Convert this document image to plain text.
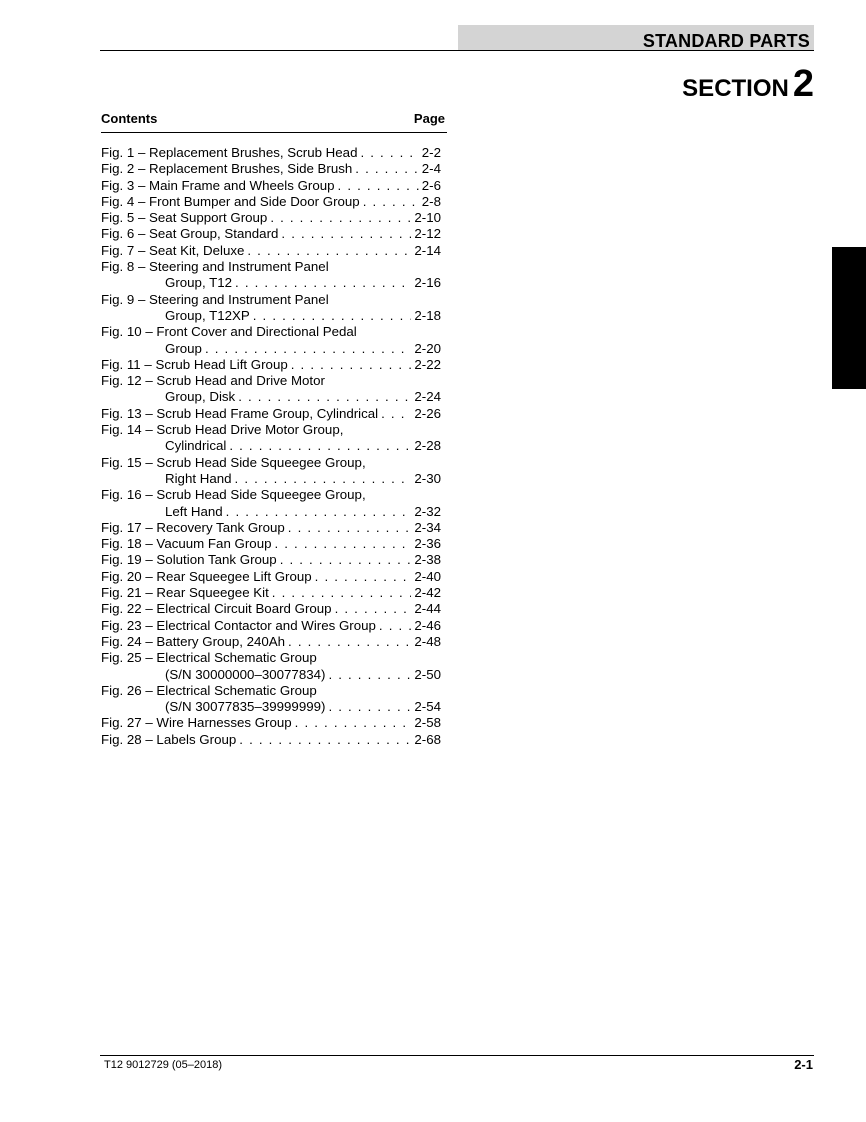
STANDARD PARTS
SECTION 2
Contents	Page
Fig. 1 – Replacement Brushes, Scrub Head . . .	2-2
Fig. 2 – Replacement Brushes, Side Brush . . .	2-4
Fig. 3 – Main Frame and Wheels Group . . .	2-6
Fig. 4 – Front Bumper and Side Door Group . . .	2-8
Fig. 5 – Seat Support Group . . .	2-10
Fig. 6 – Seat Group, Standard . . .	2-12
Fig. 7 – Seat Kit, Deluxe . . .	2-14
Fig. 8 – Steering and Instrument Panel
Group, T12 . . .	2-16
Fig. 9 – Steering and Instrument Panel
Group, T12XP . . .	2-18
Fig. 10 – Front Cover and Directional Pedal
Group . . .	2-20
Fig. 11 – Scrub Head Lift Group . . .	2-22
Fig. 12 – Scrub Head and Drive Motor
Group, Disk . . .	2-24
Fig. 13 – Scrub Head Frame Group, Cylindrical . . .	2-26
Fig. 14 – Scrub Head Drive Motor Group,
Cylindrical . . .	2-28
Fig. 15 – Scrub Head Side Squeegee Group,
Right Hand . . .	2-30
Fig. 16 – Scrub Head Side Squeegee Group,
Left Hand . . .	2-32
Fig. 17 – Recovery Tank Group . . .	2-34
Fig. 18 – Vacuum Fan Group . . .	2-36
Fig. 19 – Solution Tank Group . . .	2-38
Fig. 20 – Rear Squeegee Lift Group . . .	2-40
Fig. 21 – Rear Squeegee Kit . . .	2-42
Fig. 22 – Electrical Circuit Board Group . . .	2-44
Fig. 23 – Electrical Contactor and Wires Group . . .	2-46
Fig. 24 – Battery Group, 240Ah . . .	2-48
Fig. 25 – Electrical Schematic Group
(S/N 30000000–30077834) . . .	2-50
Fig. 26 – Electrical Schematic Group
(S/N 30077835–39999999) . . .	2-54
Fig. 27 – Wire Harnesses Group . . .	2-58
Fig. 28 – Labels Group . . .	2-68
T12 9012729 (05–2018)	2-1
